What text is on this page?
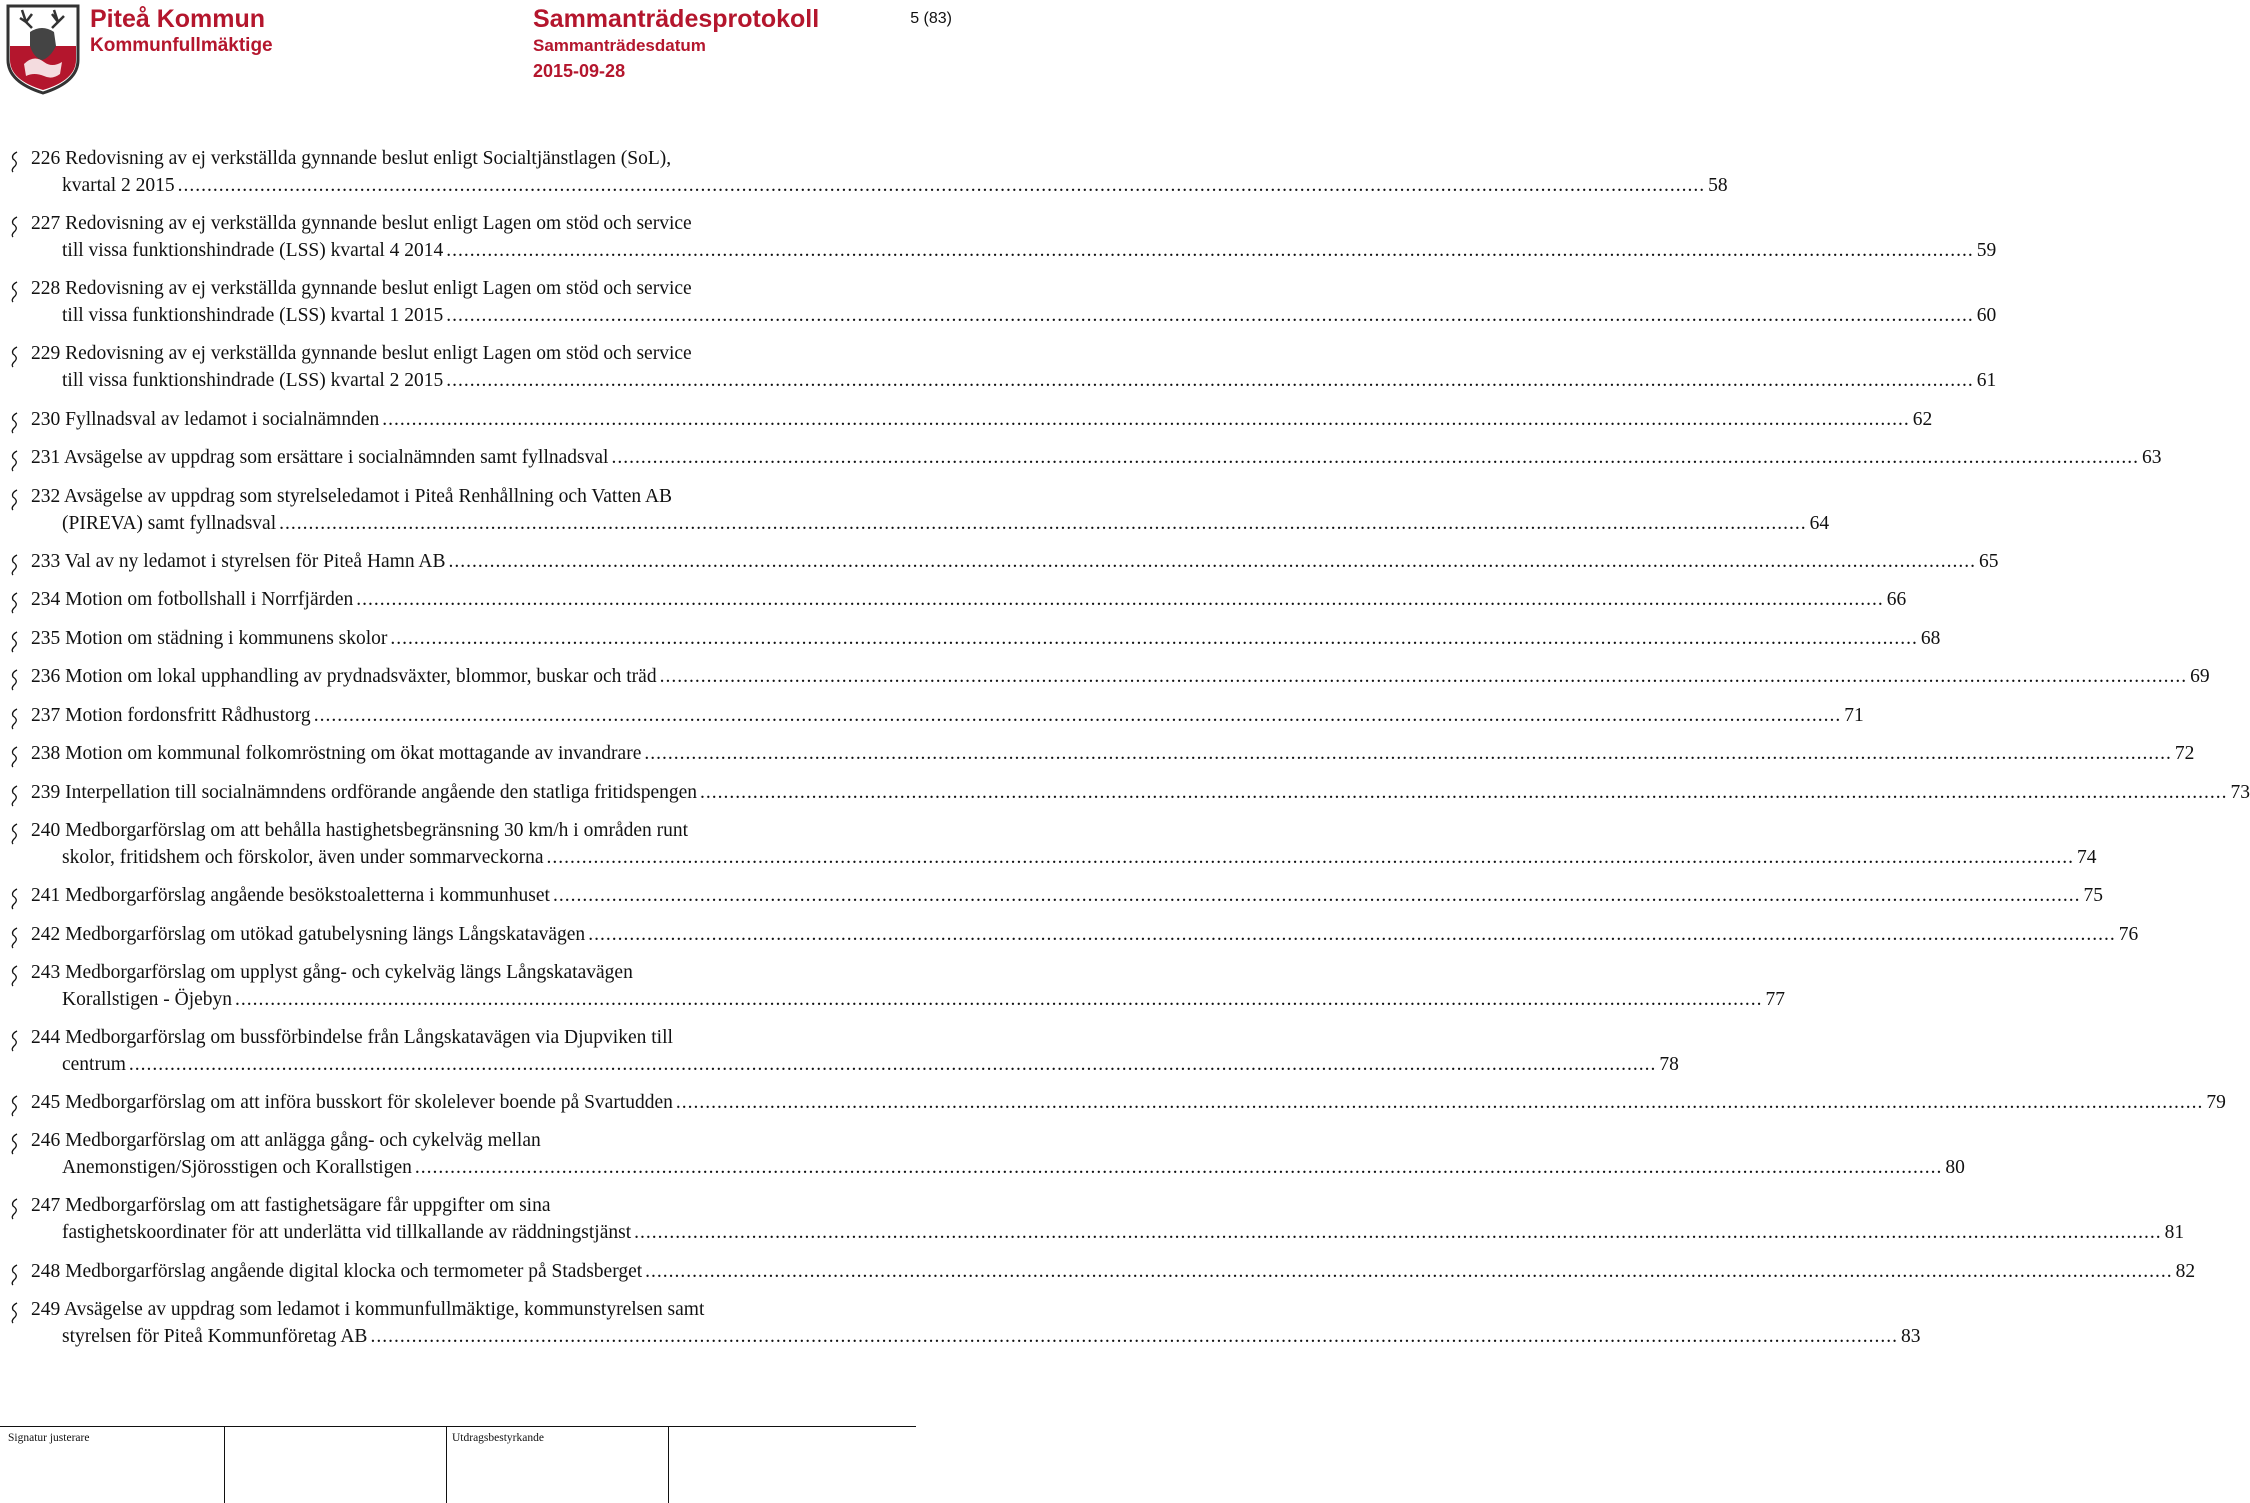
Piteå Kommun
Kommunfullmäktige
Sammanträdesprotokoll
Sammanträdesdatum
2015-09-28
5 (83)
226 Redovisning av ej verkställda gynnande beslut enligt Socialtjänstlagen (SoL),
kvartal 2 2015 .................................................................................................................................................................................................................................................................... 58
227 Redovisning av ej verkställda gynnande beslut enligt Lagen om stöd och service
till vissa funktionshindrade (LSS) kvartal 4 2014 .................................................................................................................................................................................................................................................................... 59
228 Redovisning av ej verkställda gynnande beslut enligt Lagen om stöd och service
till vissa funktionshindrade (LSS) kvartal 1 2015 .................................................................................................................................................................................................................................................................... 60
229 Redovisning av ej verkställda gynnande beslut enligt Lagen om stöd och service
till vissa funktionshindrade (LSS) kvartal 2 2015 .................................................................................................................................................................................................................................................................... 61
230 Fyllnadsval av ledamot i socialnämnden .................................................................................................................................................................................................................................................................... 62
231 Avsägelse av uppdrag som ersättare i socialnämnden samt fyllnadsval .................................................................................................................................................................................................................................................................... 63
232 Avsägelse av uppdrag som styrelseledamot i Piteå Renhållning och Vatten AB
(PIREVA) samt fyllnadsval .................................................................................................................................................................................................................................................................... 64
233 Val av ny ledamot i styrelsen för Piteå Hamn AB .................................................................................................................................................................................................................................................................... 65
234 Motion om fotbollshall i Norrfjärden .................................................................................................................................................................................................................................................................... 66
235 Motion om städning i kommunens skolor .................................................................................................................................................................................................................................................................... 68
236 Motion om lokal upphandling av prydnadsväxter, blommor, buskar och träd .................................................................................................................................................................................................................................................................... 69
237 Motion fordonsfritt Rådhustorg .................................................................................................................................................................................................................................................................... 71
238 Motion om kommunal folkomröstning om ökat mottagande av invandrare .................................................................................................................................................................................................................................................................... 72
239 Interpellation till socialnämndens ordförande angående den statliga fritidspengen .................................................................................................................................................................................................................................................................... 73
240 Medborgarförslag om att behålla hastighetsbegränsning 30 km/h i områden runt
skolor, fritidshem och förskolor, även under sommarveckorna .................................................................................................................................................................................................................................................................... 74
241 Medborgarförslag angående besökstoaletterna i kommunhuset .................................................................................................................................................................................................................................................................... 75
242 Medborgarförslag om utökad gatubelysning längs Långskatavägen .................................................................................................................................................................................................................................................................... 76
243 Medborgarförslag om upplyst gång- och cykelväg längs Långskatavägen
Korallstigen - Öjebyn .................................................................................................................................................................................................................................................................... 77
244 Medborgarförslag om bussförbindelse från Långskatavägen via Djupviken till
centrum .................................................................................................................................................................................................................................................................... 78
245 Medborgarförslag om att införa busskort för skolelever boende på Svartudden .................................................................................................................................................................................................................................................................... 79
246 Medborgarförslag om att anlägga gång- och cykelväg mellan
Anemonstigen/Sjörosstigen och Korallstigen .................................................................................................................................................................................................................................................................... 80
247 Medborgarförslag om att fastighetsägare får uppgifter om sina
fastighetskoordinater för att underlätta vid tillkallande av räddningstjänst .................................................................................................................................................................................................................................................................... 81
248 Medborgarförslag angående digital klocka och termometer på Stadsberget .................................................................................................................................................................................................................................................................... 82
249 Avsägelse av uppdrag som ledamot i kommunfullmäktige, kommunstyrelsen samt
styrelsen för Piteå Kommunföretag AB .................................................................................................................................................................................................................................................................... 83
Signatur justerare	Utdragsbestyrkande
